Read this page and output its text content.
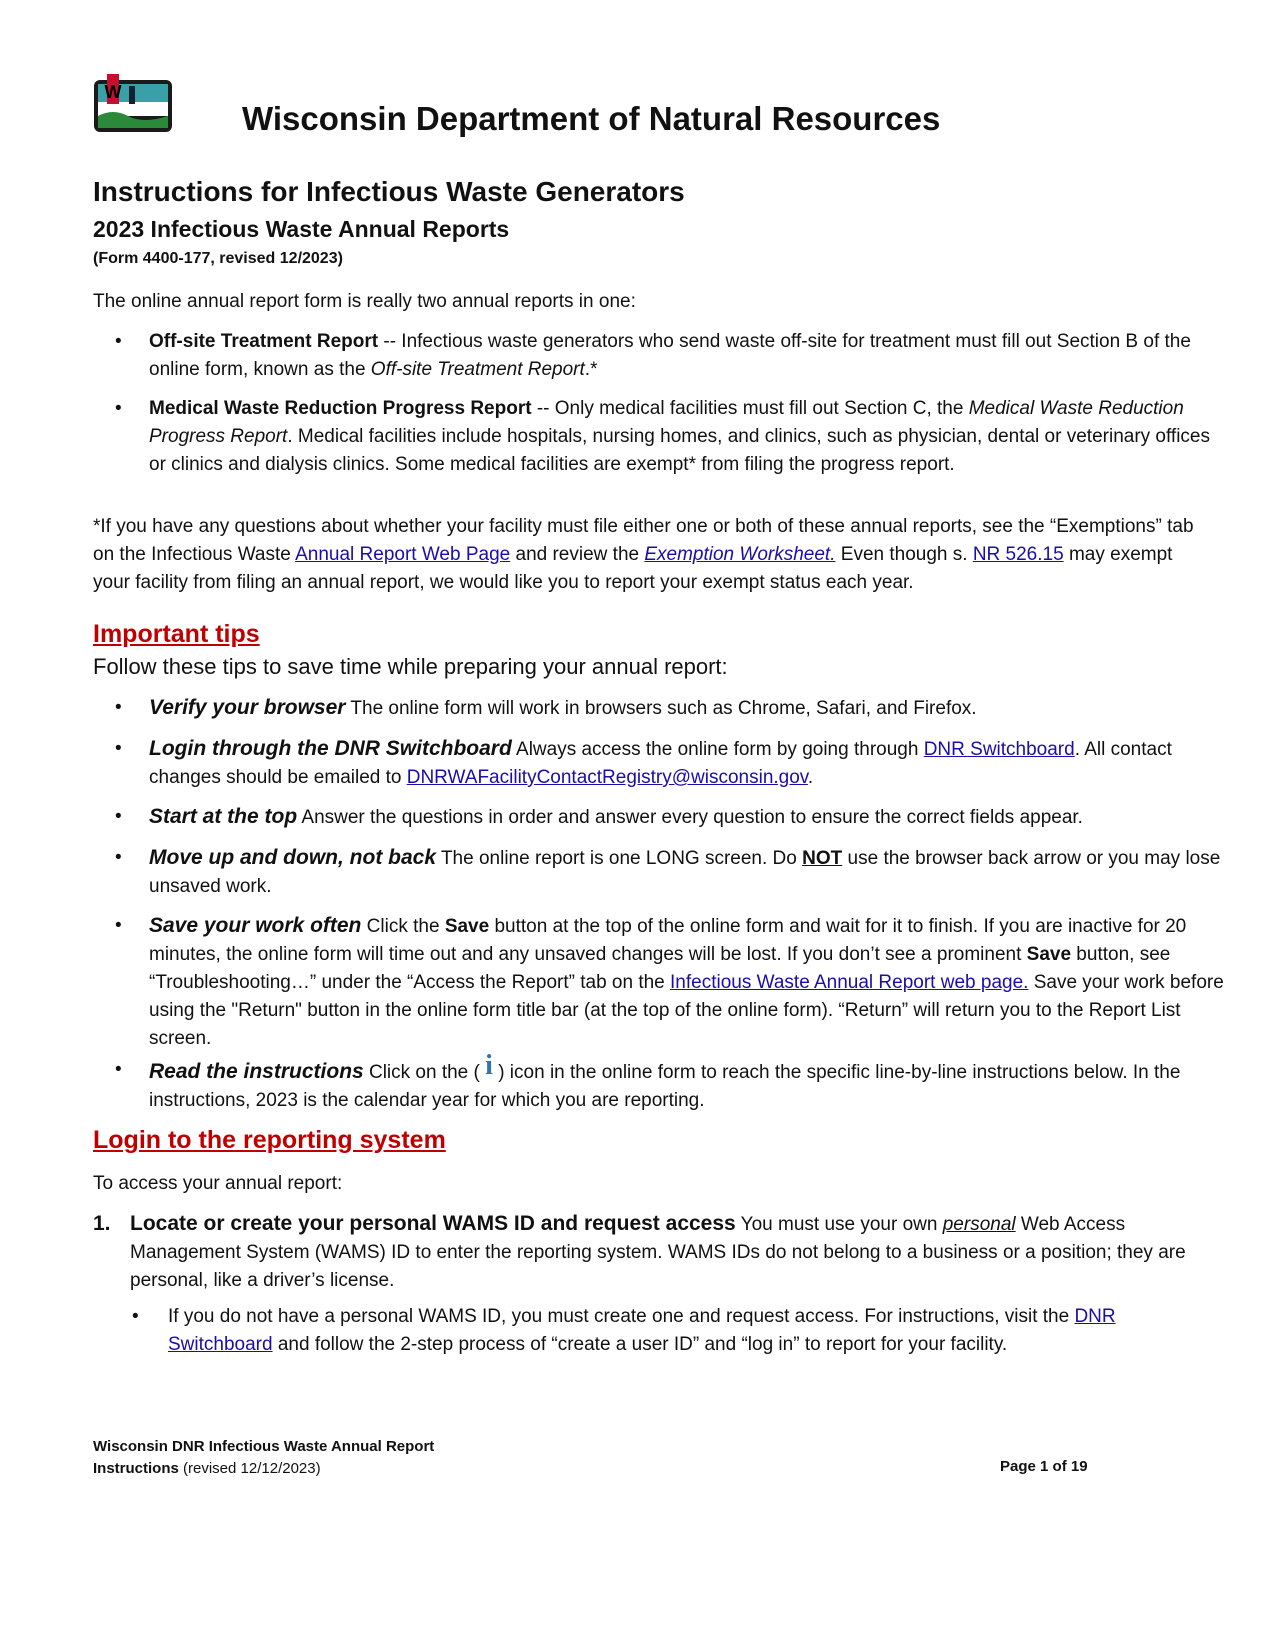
W
Wisconsin Department of Natural Resources
Instructions for Infectious Waste Generators
2023 Infectious Waste Annual Reports
(Form 4400-177, revised 12/2023)
The online annual report form is really two annual reports in one:
•
Off-site Treatment Report -- Infectious waste generators who send waste off-site for treatment must fill out Section B of the online form, known as the Off-site Treatment Report.*
•
Medical Waste Reduction Progress Report -- Only medical facilities must fill out Section C, the Medical Waste Reduction Progress Report. Medical facilities include hospitals, nursing homes, and clinics, such as physician, dental or veterinary offices or clinics and dialysis clinics. Some medical facilities are exempt* from filing the progress report.
*If you have any questions about whether your facility must file either one or both of these annual reports, see the “Exemptions” tab on the Infectious Waste Annual Report Web Page and review the Exemption Worksheet. Even though s. NR 526.15 may exempt your facility from filing an annual report, we would like you to report your exempt status each year.
Important tips
Follow these tips to save time while preparing your annual report:
•
Verify your browser The online form will work in browsers such as Chrome, Safari, and Firefox.
•
Login through the DNR Switchboard Always access the online form by going through DNR Switchboard. All contact changes should be emailed to DNRWAFacilityContactRegistry@wisconsin.gov.
•
Start at the top Answer the questions in order and answer every question to ensure the correct fields appear.
•
Move up and down, not back The online report is one LONG screen. Do NOT use the browser back arrow or you may lose unsaved work.
•
Save your work often Click the Save button at the top of the online form and wait for it to finish. If you are inactive for 20 minutes, the online form will time out and any unsaved changes will be lost. If you don’t see a prominent Save button, see “Troubleshooting…” under the “Access the Report” tab on the Infectious Waste Annual Report web page. Save your work before using the "Return" button in the online form title bar (at the top of the online form). “Return” will return you to the Report List screen.
•
Read the instructions Click on the ( i ) icon in the online form to reach the specific line-by-line instructions below. In the instructions, 2023 is the calendar year for which you are reporting.
Login to the reporting system
To access your annual report:
1. Locate or create your personal WAMS ID and request access You must use your own personal Web Access Management System (WAMS) ID to enter the reporting system. WAMS IDs do not belong to a business or a position; they are personal, like a driver’s license.
•
If you do not have a personal WAMS ID, you must create one and request access. For instructions, visit the DNR Switchboard and follow the 2-step process of “create a user ID” and “log in” to report for your facility.
Wisconsin DNR Infectious Waste Annual Report
Instructions (revised 12/12/2023)	Page 1 of 19
